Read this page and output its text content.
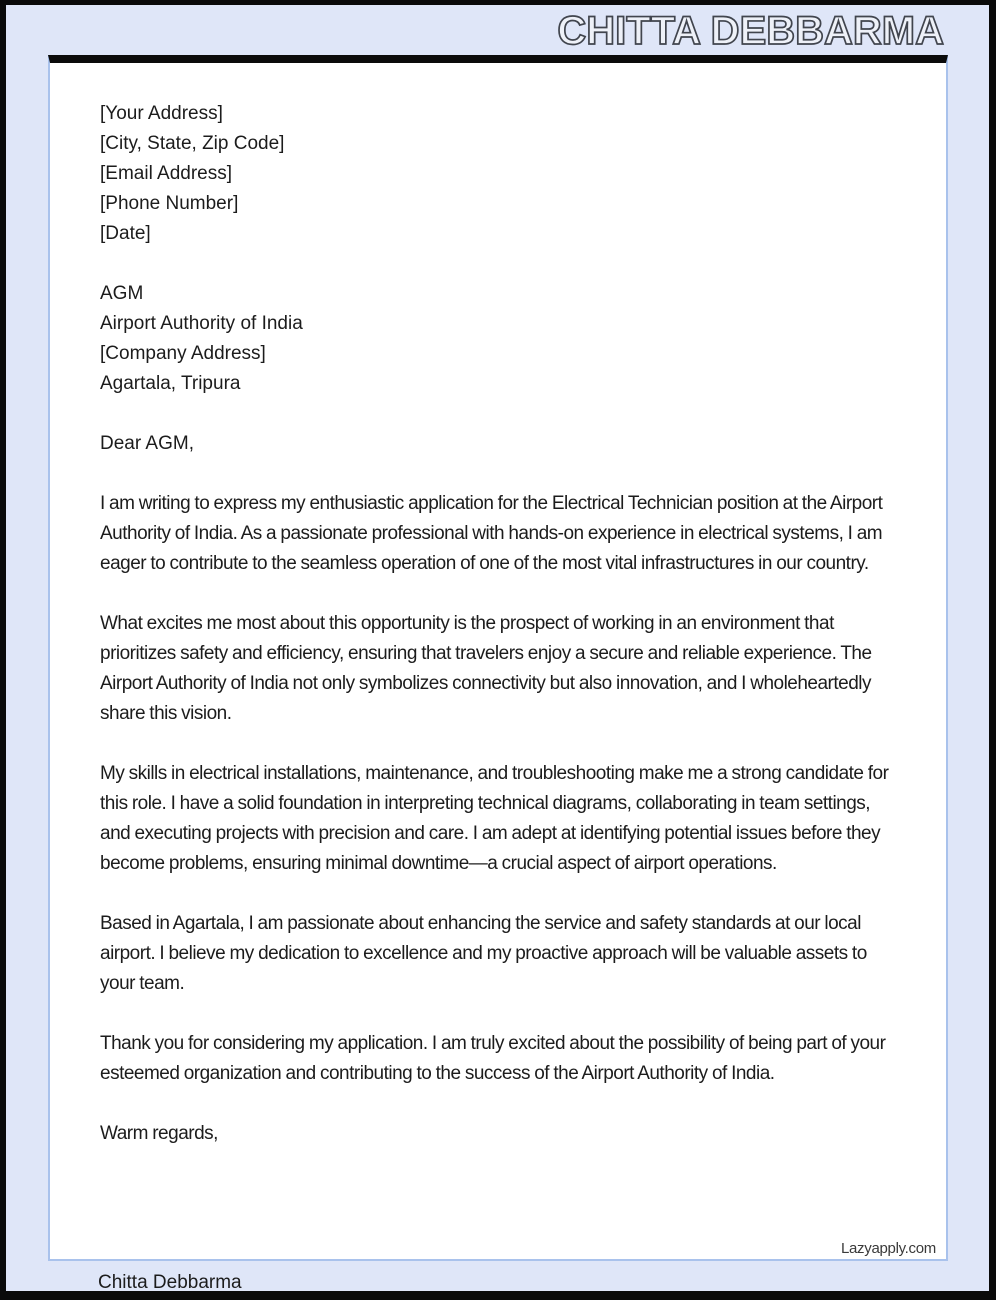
CHITTA DEBBARMA

[Your Address]

[City, State, Zip Code]

[Email Address]

[Phone Number]

[Date]

AGM

Airport Authority of India

[Company Address]

Agartala, Tripura

Dear AGM,

I am writing to express my enthusiastic application for the Electrical Technician position at the Airport Authority of India. As a passionate professional with hands-on experience in electrical systems, I am eager to contribute to the seamless operation of one of the most vital infrastructures in our country.

What excites me most about this opportunity is the prospect of working in an environment that prioritizes safety and efficiency, ensuring that travelers enjoy a secure and reliable experience. The Airport Authority of India not only symbolizes connectivity but also innovation, and I wholeheartedly share this vision.

My skills in electrical installations, maintenance, and troubleshooting make me a strong candidate for this role. I have a solid foundation in interpreting technical diagrams, collaborating in team settings, and executing projects with precision and care. I am adept at identifying potential issues before they become problems, ensuring minimal downtime—a crucial aspect of airport operations.

Based in Agartala, I am passionate about enhancing the service and safety standards at our local airport. I believe my dedication to excellence and my proactive approach will be valuable assets to your team.

Thank you for considering my application. I am truly excited about the possibility of being part of your esteemed organization and contributing to the success of the Airport Authority of India.

Warm regards,

Lazyapply.com
Chitta Debbarma
